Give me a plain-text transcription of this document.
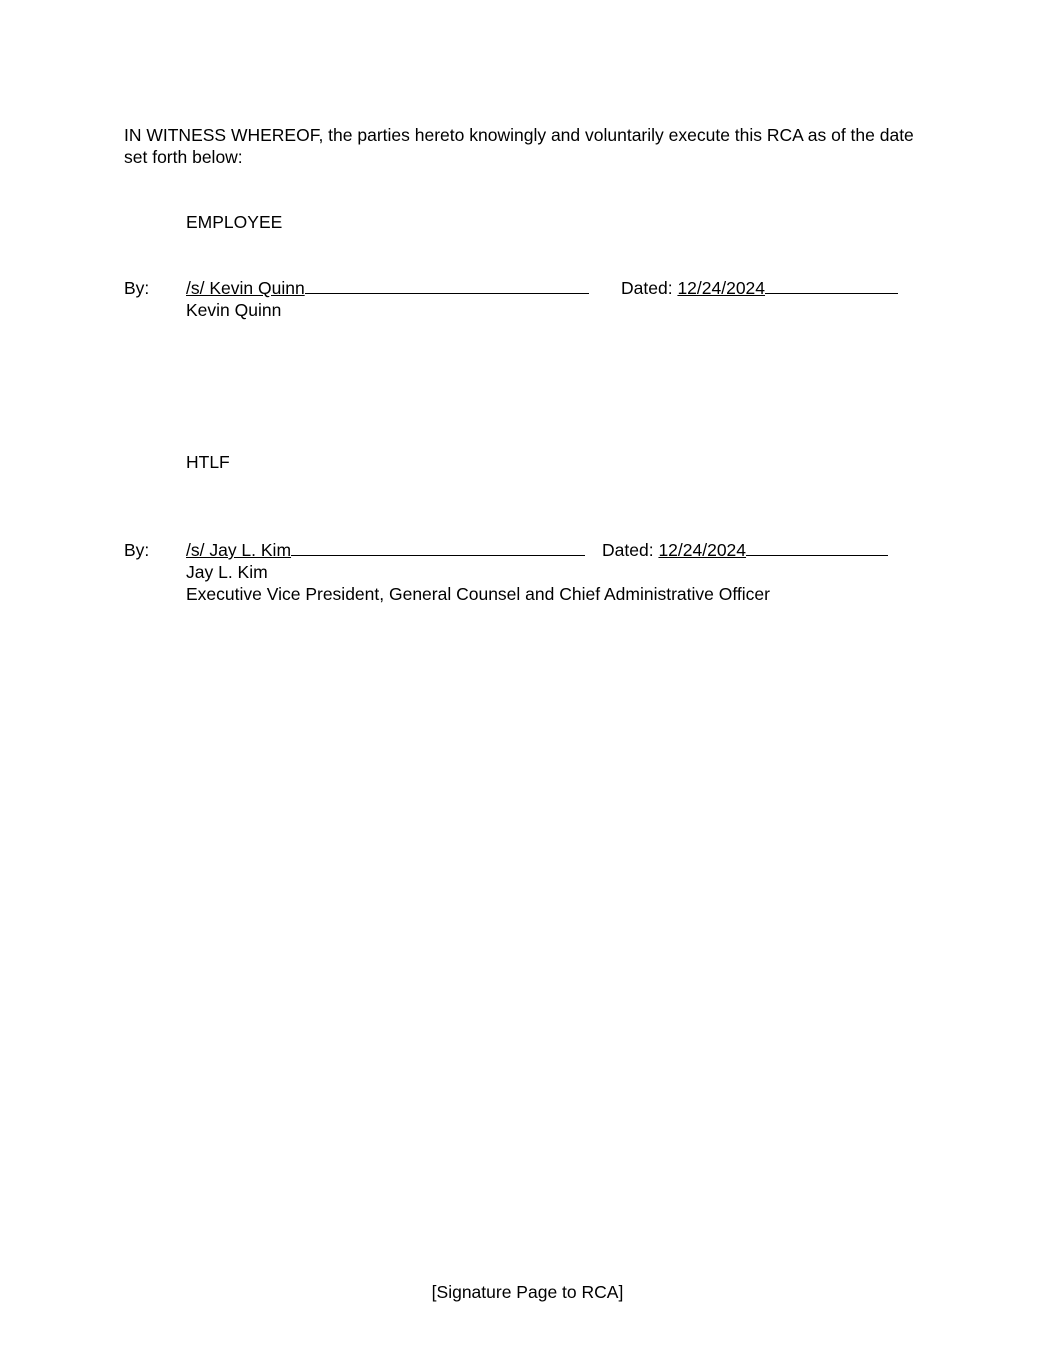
IN WITNESS WHEREOF, the parties hereto knowingly and voluntarily execute this RCA as of the date set forth below:
EMPLOYEE
By: /s/ Kevin Quinn	Dated: 12/24/2024
Kevin Quinn
HTLF
By: /s/ Jay L. Kim	Dated: 12/24/2024
Jay L. Kim
Executive Vice President, General Counsel and Chief Administrative Officer
[Signature Page to RCA]
